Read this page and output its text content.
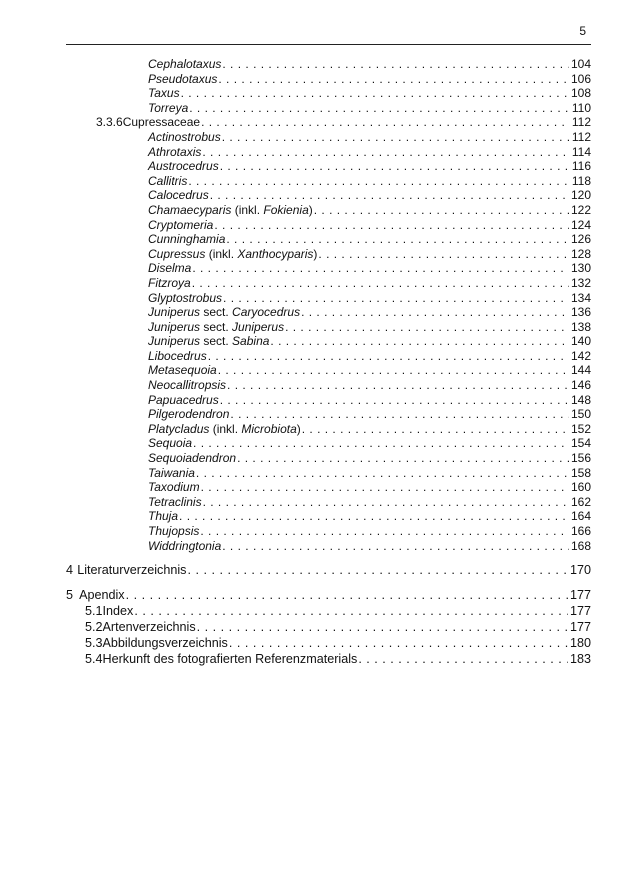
5
Cephalotaxus . . .	104
Pseudotaxus . . .	106
Taxus . . .	108
Torreya . . .	110
3.3.6 Cupressaceae . . .	112
Actinostrobus . . .	112
Athrotaxis . . .	114
Austrocedrus . . .	116
Callitris . . .	118
Calocedrus . . .	120
Chamaecyparis (inkl. Fokienia) . . .	122
Cryptomeria . . .	124
Cunninghamia . . .	126
Cupressus (inkl. Xanthocyparis) . . .	128
Diselma . . .	130
Fitzroya . . .	132
Glyptostrobus . . .	134
Juniperus sect. Caryocedrus . . .	136
Juniperus sect. Juniperus . . .	138
Juniperus sect. Sabina . . .	140
Libocedrus . . .	142
Metasequoia . . .	144
Neocallitropsis . . .	146
Papuacedrus . . .	148
Pilgerodendron . . .	150
Platycladus (inkl. Microbiota) . . .	152
Sequoia . . .	154
Sequoiadendron . . .	156
Taiwania . . .	158
Taxodium . . .	160
Tetraclinis . . .	162
Thuja . . .	164
Thujopsis . . .	166
Widdringtonia . . .	168
4 Literaturverzeichnis . . .	170
5 Apendix . . .	177
5.1 Index . . .	177
5.2 Artenverzeichnis . . .	177
5.3 Abbildungsverzeichnis . . .	180
5.4 Herkunft des fotografierten Referenzmaterials . . .	183
